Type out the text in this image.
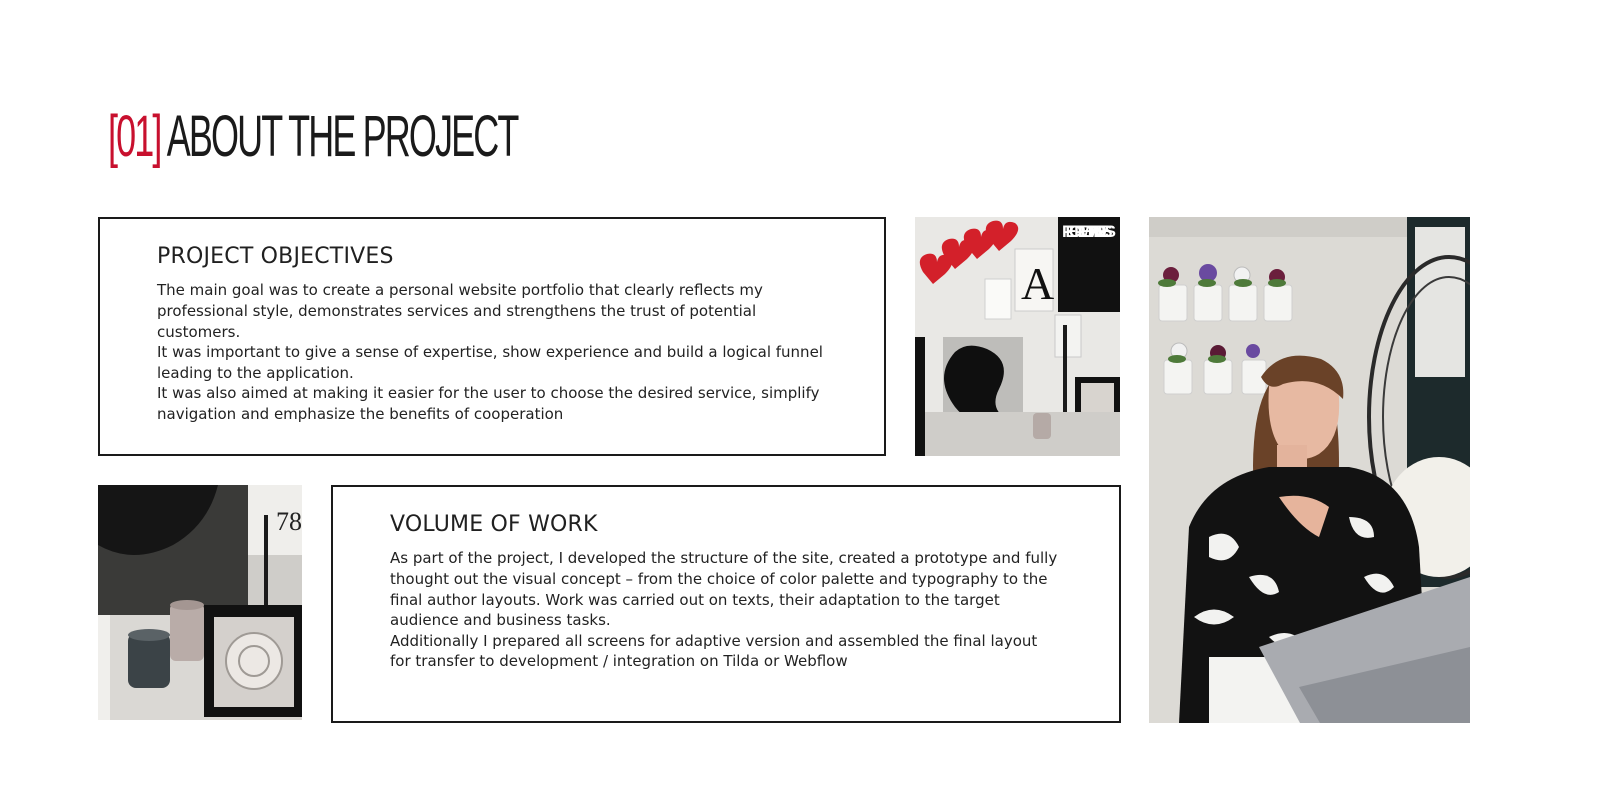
[01] ABOUT THE PROJECT
PROJECT OBJECTIVES

The main goal was to create a personal website portfolio that clearly reflects my
professional style, demonstrates services and strengthens the trust of potential customers.
It was important to give a sense of expertise, show experience and build a logical funnel
leading to the application.
It was also aimed at making it easier for the user to choose the desired service, simplify
navigation and emphasize the benefits of cooperation

PEOPLE WITH KIND- NESS
A
78	VOLUME OF WORK

As part of the project, I developed the structure of the site, created a prototype and fully
thought out the visual concept – from the choice of color palette and typography to the
final author layouts. Work was carried out on texts, their adaptation to the target
audience and business tasks.
Additionally I prepared all screens for adaptive version and assembled the final layout
for transfer to development / integration on Tilda or Webflow
